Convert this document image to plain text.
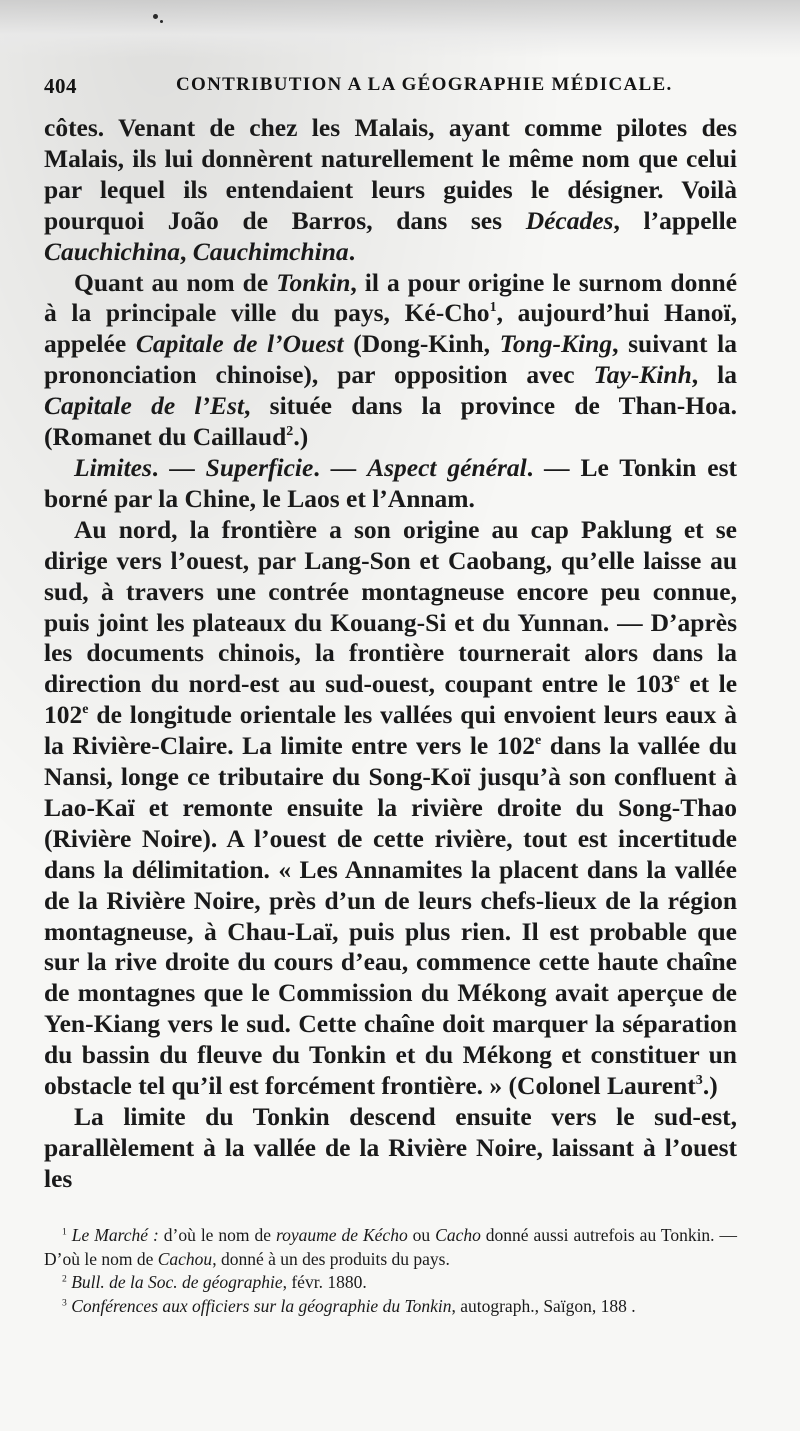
404	CONTRIBUTION A LA GÉOGRAPHIE MÉDICALE.

côtes. Venant de chez les Malais, ayant comme pilotes des Malais, ils lui donnèrent naturellement le même nom que celui par lequel ils entendaient leurs guides le désigner. Voilà pourquoi João de Barros, dans ses Décades, l’appelle Cauchichina, Cauchimchina.

Quant au nom de Tonkin, il a pour origine le surnom donné à la principale ville du pays, Ké-Cho$^1$, aujourd’hui Hanoï, appelée Capitale de l’Ouest (Dong-Kinh, Tong-King, suivant la prononciation chinoise), par opposition avec Tay-Kinh, la Capitale de l’Est, située dans la province de Than-Hoa. (Romanet du Caillaud$^2$.)

Limites. — Superficie. — Aspect général. — Le Tonkin est borné par la Chine, le Laos et l’Annam.

Au nord, la frontière a son origine au cap Paklung et se dirige vers l’ouest, par Lang-Son et Caobang, qu’elle laisse au sud, à travers une contrée montagneuse encore peu connue, puis joint les plateaux du Kouang-Si et du Yunnan. — D’après les documents chinois, la frontière tournerait alors dans la direction du nord-est au sud-ouest, coupant entre le 103e et le 102e de longitude orientale les vallées qui envoient leurs eaux à la Rivière-Claire. La limite entre vers le 102e dans la vallée du Nansi, longe ce tributaire du Song-Koï jusqu’à son confluent à Lao-Kaï et remonte ensuite la rivière droite du Song-Thao (Rivière Noire). A l’ouest de cette rivière, tout est incertitude dans la délimitation. « Les Annamites la placent dans la vallée de la Rivière Noire, près d’un de leurs chefs-lieux de la région montagneuse, à Chau-Laï, puis plus rien. Il est probable que sur la rive droite du cours d’eau, commence cette haute chaîne de montagnes que le Commission du Mékong avait aperçue de Yen-Kiang vers le sud. Cette chaîne doit marquer la séparation du bassin du fleuve du Tonkin et du Mékong et constituer un obstacle tel qu’il est forcément frontière. » (Colonel Laurent$^3$.)

La limite du Tonkin descend ensuite vers le sud-est, parallèlement à la vallée de la Rivière Noire, laissant à l’ouest les

$^1$ Le Marché : d’où le nom de royaume de Kécho ou Cacho donné aussi autrefois au Tonkin. — D’où le nom de Cachou, donné à un des produits du pays.

$^2$ Bull. de la Soc. de géographie, févr. 1880.

$^3$ Conférences aux officiers sur la géographie du Tonkin, autograph., Saïgon, 188 .
